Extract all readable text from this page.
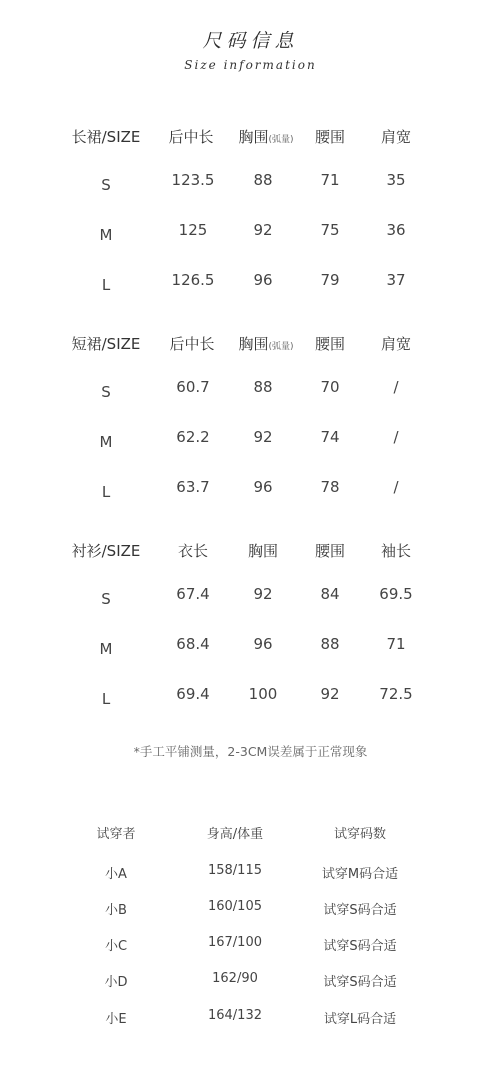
尺码信息
Size information
长裙/SIZE 后中长 胸围(弧量) 腰围 肩宽
S	123.5	88	71	35
M	125	92	75	36
L	126.5	96	79	37
短裙/SIZE 后中长 胸围(弧量) 腰围 肩宽
S	60.7	88	70	/
M	62.2	92	74	/
L	63.7	96	78	/
衬衫/SIZE	衣长	胸围 腰围 袖长
S	67.4	92	84	69.5
M	68.4	96	88	71
L	69.4	100	92	72.5
*手工平铺测量，2-3CM误差属于正常现象
试穿者	身高/体重	试穿码数
小A	158/115	试穿M码合适
小B	160/105	试穿S码合适
小C	167/100	试穿S码合适
小D	162/90	试穿S码合适
小E	164/132	试穿L码合适
